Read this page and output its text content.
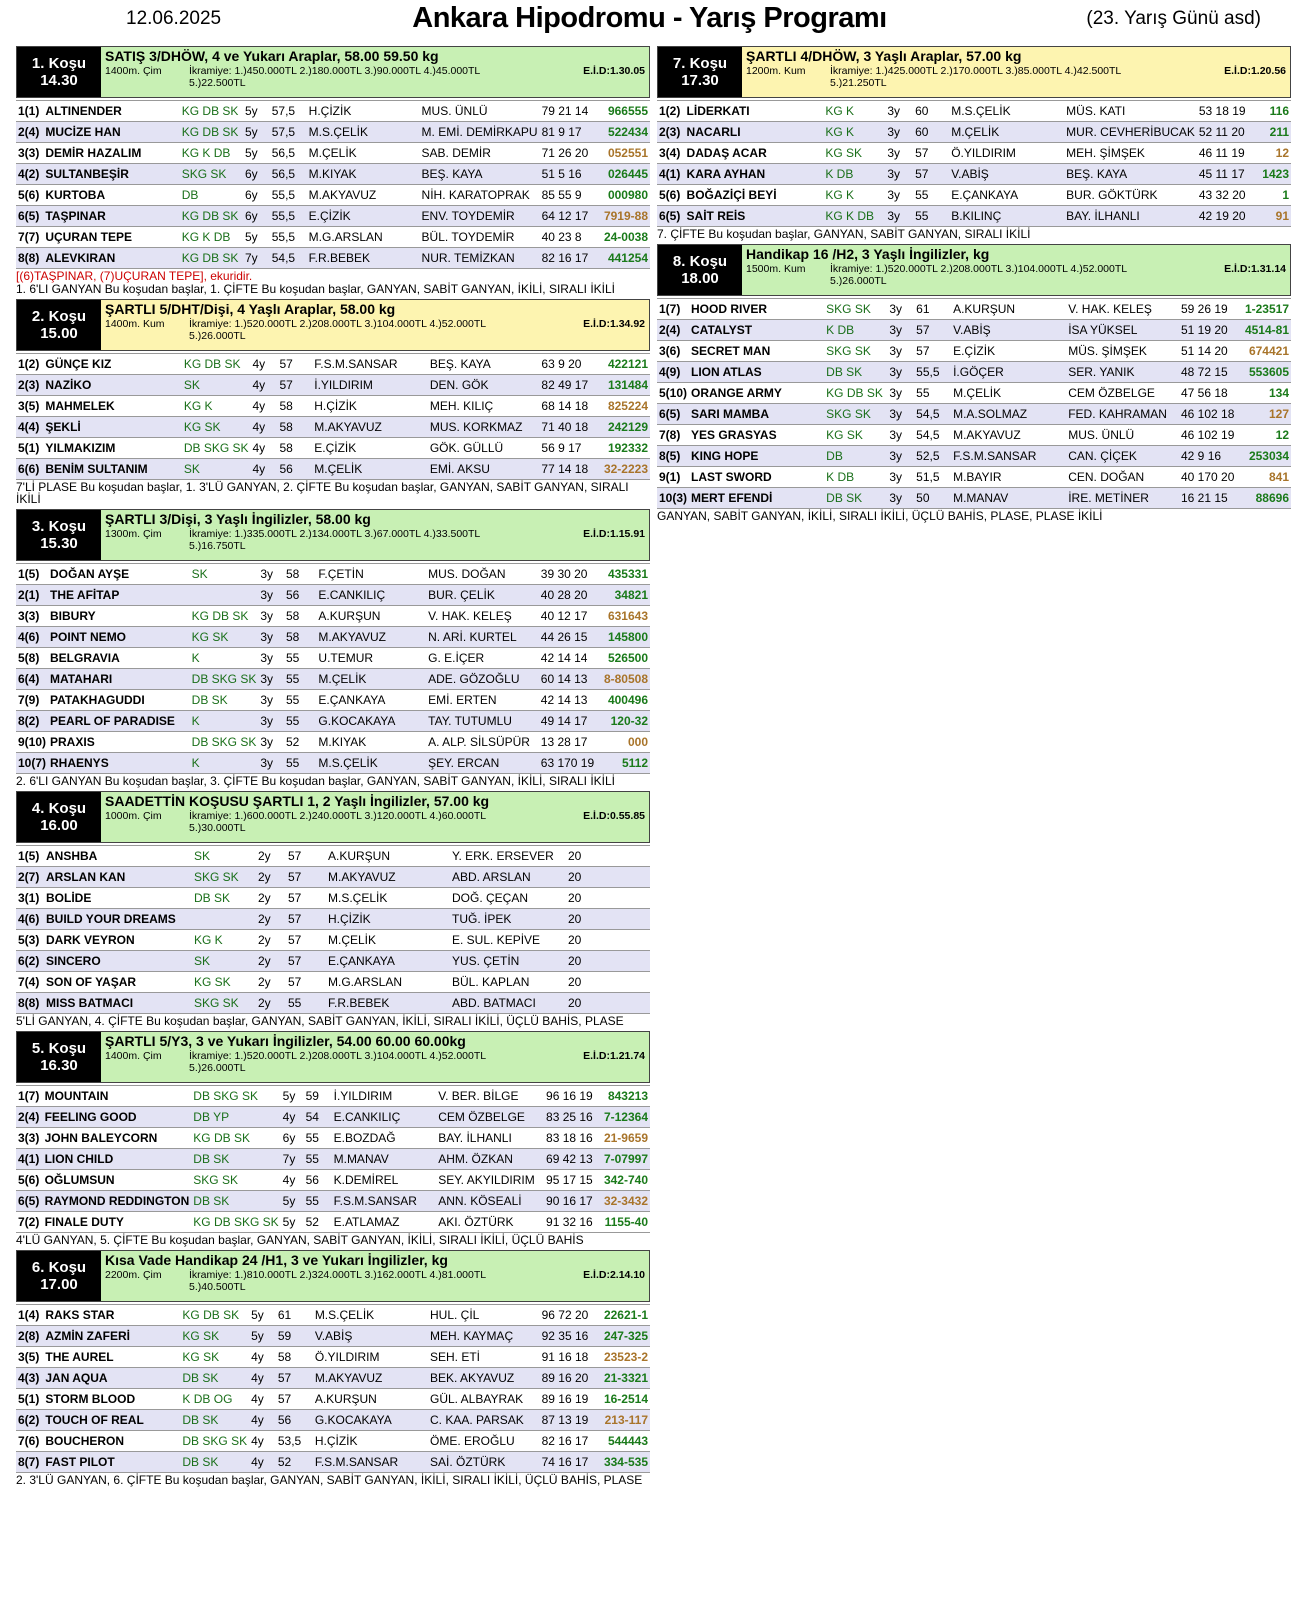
12.06.2025	Ankara Hipodromu - Yarış Programı	(23. Yarış Günü asd)
1. Koşu
14.30
SATIŞ 3/DHÖW, 4 ve Yukarı Araplar, 58.00 59.50 kg
1400m. Çim	İkramiye: 1.)450.000TL 2.)180.000TL 3.)90.000TL 4.)45.000TL	E.İ.D:1.30.05
5.)22.500TL
1(1)	ALTINENDER	KG DB SK	5y	57,5	H.ÇİZİK	MUS. ÜNLÜ	79 21 14	966555
2(4)	MUCİZE HAN	KG DB SK	5y	57,5	M.S.ÇELİK	M. EMİ. DEMİRKAPU	81 9 17	522434
3(3)	DEMİR HAZALIM	KG K DB	5y	56,5	M.ÇELİK	SAB. DEMİR	71 26 20	052551
4(2)	SULTANBEŞİR	SKG SK	6y	56,5	M.KIYAK	BEŞ. KAYA	51 5 16	026445
5(6)	KURTOBA	DB	6y	55,5	M.AKYAVUZ	NİH. KARATOPRAK	85 55 9	000980
6(5)	TAŞPINAR	KG DB SK	6y	55,5	E.ÇİZİK	ENV. TOYDEMİR	64 12 17	7919-88
7(7)	UÇURAN TEPE	KG K DB	5y	55,5	M.G.ARSLAN	BÜL. TOYDEMİR	40 23 8	24-0038
8(8)	ALEVKIRAN	KG DB SK	7y	54,5	F.R.BEBEK	NUR. TEMİZKAN	82 16 17	441254
[(6)TAŞPINAR, (7)UÇURAN TEPE], ekuridir.
1. 6'LI GANYAN Bu koşudan başlar, 1. ÇİFTE Bu koşudan başlar, GANYAN, SABİT GANYAN, İKİLİ, SIRALI İKİLİ
2. Koşu
15.00
ŞARTLI 5/DHT/Dişi, 4 Yaşlı Araplar, 58.00 kg
1400m. Kum	İkramiye: 1.)520.000TL 2.)208.000TL 3.)104.000TL 4.)52.000TL	E.İ.D:1.34.92
5.)26.000TL
1(2)	GÜNÇE KIZ	KG DB SK	4y	57	F.S.M.SANSAR	BEŞ. KAYA	63 9 20	422121
2(3)	NAZİKO	SK	4y	57	İ.YILDIRIM	DEN. GÖK	82 49 17	131484
3(5)	MAHMELEK	KG K	4y	58	H.ÇİZİK	MEH. KILIÇ	68 14 18	825224
4(4)	ŞEKLİ	KG SK	4y	58	M.AKYAVUZ	MUS. KORKMAZ	71 40 18	242129
5(1)	YILMAKIZIM	DB SKG SK	4y	58	E.ÇİZİK	GÖK. GÜLLÜ	56 9 17	192332
6(6)	BENİM SULTANIM	SK	4y	56	M.ÇELİK	EMİ. AKSU	77 14 18	32-2223
7'Lİ PLASE Bu koşudan başlar, 1. 3'LÜ GANYAN, 2. ÇİFTE Bu koşudan başlar, GANYAN, SABİT GANYAN, SIRALI İKİLİ
3. Koşu
15.30
ŞARTLI 3/Dişi, 3 Yaşlı İngilizler, 58.00 kg
1300m. Çim	İkramiye: 1.)335.000TL 2.)134.000TL 3.)67.000TL 4.)33.500TL	E.İ.D:1.15.91
5.)16.750TL
1(5)	DOĞAN AYŞE	SK	3y	58	F.ÇETİN	MUS. DOĞAN	39 30 20	435331
2(1)	THE AFİTAP		3y	56	E.CANKILIÇ	BUR. ÇELİK	40 28 20	34821
3(3)	BIBURY	KG DB SK	3y	58	A.KURŞUN	V. HAK. KELEŞ	40 12 17	631643
4(6)	POINT NEMO	KG SK	3y	58	M.AKYAVUZ	N. ARİ. KURTEL	44 26 15	145800
5(8)	BELGRAVIA	K	3y	55	U.TEMUR	G. E.İÇER	42 14 14	526500
6(4)	MATAHARI	DB SKG SK	3y	55	M.ÇELİK	ADE. GÖZOĞLU	60 14 13	8-80508
7(9)	PATAKHAGUDDI	DB SK	3y	55	E.ÇANKAYA	EMİ. ERTEN	42 14 13	400496
8(2)	PEARL OF PARADISE	K	3y	55	G.KOCAKAYA	TAY. TUTUMLU	49 14 17	120-32
9(10)	PRAXIS	DB SKG SK	3y	52	M.KIYAK	A. ALP. SİLSÜPÜR	13 28 17	000
10(7)	RHAENYS	K	3y	55	M.S.ÇELİK	ŞEY. ERCAN	63 170 19	5112
2. 6'LI GANYAN Bu koşudan başlar, 3. ÇİFTE Bu koşudan başlar, GANYAN, SABİT GANYAN, İKİLİ, SIRALI İKİLİ
4. Koşu
16.00
SAADETTİN KOŞUSU ŞARTLI 1, 2 Yaşlı İngilizler, 57.00 kg
1000m. Çim	İkramiye: 1.)600.000TL 2.)240.000TL 3.)120.000TL 4.)60.000TL	E.İ.D:0.55.85
5.)30.000TL
1(5)	ANSHBA	SK	2y	57	A.KURŞUN	Y. ERK. ERSEVER	20	
2(7)	ARSLAN KAN	SKG SK	2y	57	M.AKYAVUZ	ABD. ARSLAN	20	
3(1)	BOLİDE	DB SK	2y	57	M.S.ÇELİK	DOĞ. ÇEÇAN	20	
4(6)	BUILD YOUR DREAMS		2y	57	H.ÇİZİK	TUĞ. İPEK	20	
5(3)	DARK VEYRON	KG K	2y	57	M.ÇELİK	E. SUL. KEPİVE	20	
6(2)	SINCERO	SK	2y	57	E.ÇANKAYA	YUS. ÇETİN	20	
7(4)	SON OF YAŞAR	KG SK	2y	57	M.G.ARSLAN	BÜL. KAPLAN	20	
8(8)	MISS BATMACI	SKG SK	2y	55	F.R.BEBEK	ABD. BATMACI	20	
5'Lİ GANYAN, 4. ÇİFTE Bu koşudan başlar, GANYAN, SABİT GANYAN, İKİLİ, SIRALI İKİLİ, ÜÇLÜ BAHİS, PLASE
5. Koşu
16.30
ŞARTLI 5/Y3, 3 ve Yukarı İngilizler, 54.00 60.00 60.00kg
1400m. Çim	İkramiye: 1.)520.000TL 2.)208.000TL 3.)104.000TL 4.)52.000TL	E.İ.D:1.21.74
5.)26.000TL
1(7)	MOUNTAIN	DB SKG SK	5y	59	İ.YILDIRIM	V. BER. BİLGE	96 16 19	843213
2(4)	FEELING GOOD	DB YP	4y	54	E.CANKILIÇ	CEM ÖZBELGE	83 25 16	7-12364
3(3)	JOHN BALEYCORN	KG DB SK	6y	55	E.BOZDAĞ	BAY. İLHANLI	83 18 16	21-9659
4(1)	LION CHILD	DB SK	7y	55	M.MANAV	AHM. ÖZKAN	69 42 13	7-07997
5(6)	OĞLUMSUN	SKG SK	4y	56	K.DEMİREL	SEY. AKYILDIRIM	95 17 15	342-740
6(5)	RAYMOND REDDINGTON	DB SK	5y	55	F.S.M.SANSAR	ANN. KÖSEALİ	90 16 17	32-3432
7(2)	FINALE DUTY	KG DB SKG SK	5y	52	E.ATLAMAZ	AKI. ÖZTÜRK	91 32 16	1155-40
4'LÜ GANYAN, 5. ÇİFTE Bu koşudan başlar, GANYAN, SABİT GANYAN, İKİLİ, SIRALI İKİLİ, ÜÇLÜ BAHİS
6. Koşu
17.00
Kısa Vade Handikap 24 /H1, 3 ve Yukarı İngilizler, kg
2200m. Çim	İkramiye: 1.)810.000TL 2.)324.000TL 3.)162.000TL 4.)81.000TL	E.İ.D:2.14.10
5.)40.500TL
1(4)	RAKS STAR	KG DB SK	5y	61	M.S.ÇELİK	HUL. ÇİL	96 72 20	22621-1
2(8)	AZMİN ZAFERİ	KG SK	5y	59	V.ABİŞ	MEH. KAYMAÇ	92 35 16	247-325
3(5)	THE AUREL	KG SK	4y	58	Ö.YILDIRIM	SEH. ETİ	91 16 18	23523-2
4(3)	JAN AQUA	DB SK	4y	57	M.AKYAVUZ	BEK. AKYAVUZ	89 16 20	21-3321
5(1)	STORM BLOOD	K DB OG	4y	57	A.KURŞUN	GÜL. ALBAYRAK	89 16 19	16-2514
6(2)	TOUCH OF REAL	DB SK	4y	56	G.KOCAKAYA	C. KAA. PARSAK	87 13 19	213-117
7(6)	BOUCHERON	DB SKG SK	4y	53,5	H.ÇİZİK	ÖME. EROĞLU	82 16 17	544443
8(7)	FAST PILOT	DB SK	4y	52	F.S.M.SANSAR	SAİ. ÖZTÜRK	74 16 17	334-535
2. 3'LÜ GANYAN, 6. ÇİFTE Bu koşudan başlar, GANYAN, SABİT GANYAN, İKİLİ, SIRALI İKİLİ, ÜÇLÜ BAHİS, PLASE
7. Koşu
17.30
ŞARTLI 4/DHÖW, 3 Yaşlı Araplar, 57.00 kg
1200m. Kum	İkramiye: 1.)425.000TL 2.)170.000TL 3.)85.000TL 4.)42.500TL	E.İ.D:1.20.56
5.)21.250TL
1(2)	LİDERKATI	KG K	3y	60	M.S.ÇELİK	MÜS. KATI	53 18 19	116
2(3)	NACARLI	KG K	3y	60	M.ÇELİK	MUR. CEVHERİBUCAK	52 11 20	211
3(4)	DADAŞ ACAR	KG SK	3y	57	Ö.YILDIRIM	MEH. ŞİMŞEK	46 11 19	12
4(1)	KARA AYHAN	K DB	3y	57	V.ABİŞ	BEŞ. KAYA	45 11 17	1423
5(6)	BOĞAZİÇİ BEYİ	KG K	3y	55	E.ÇANKAYA	BUR. GÖKTÜRK	43 32 20	1
6(5)	SAİT REİS	KG K DB	3y	55	B.KILINÇ	BAY. İLHANLI	42 19 20	91
7. ÇİFTE Bu koşudan başlar, GANYAN, SABİT GANYAN, SIRALI İKİLİ
8. Koşu
18.00
Handikap 16 /H2, 3 Yaşlı İngilizler, kg
1500m. Kum	İkramiye: 1.)520.000TL 2.)208.000TL 3.)104.000TL 4.)52.000TL	E.İ.D:1.31.14
5.)26.000TL
1(7)	HOOD RIVER	SKG SK	3y	61	A.KURŞUN	V. HAK. KELEŞ	59 26 19	1-23517
2(4)	CATALYST	K DB	3y	57	V.ABİŞ	İSA YÜKSEL	51 19 20	4514-81
3(6)	SECRET MAN	SKG SK	3y	57	E.ÇİZİK	MÜS. ŞİMŞEK	51 14 20	674421
4(9)	LION ATLAS	DB SK	3y	55,5	İ.GÖÇER	SER. YANIK	48 72 15	553605
5(10)	ORANGE ARMY	KG DB SK	3y	55	M.ÇELİK	CEM ÖZBELGE	47 56 18	134
6(5)	SARI MAMBA	SKG SK	3y	54,5	M.A.SOLMAZ	FED. KAHRAMAN	46 102 18	127
7(8)	YES GRASYAS	KG SK	3y	54,5	M.AKYAVUZ	MUS. ÜNLÜ	46 102 19	12
8(5)	KING HOPE	DB	3y	52,5	F.S.M.SANSAR	CAN. ÇİÇEK	42 9 16	253034
9(1)	LAST SWORD	K DB	3y	51,5	M.BAYIR	CEN. DOĞAN	40 170 20	841
10(3)	MERT EFENDİ	DB SK	3y	50	M.MANAV	İRE. METİNER	16 21 15	88696
GANYAN, SABİT GANYAN, İKİLİ, SIRALI İKİLİ, ÜÇLÜ BAHİS, PLASE, PLASE İKİLİ
